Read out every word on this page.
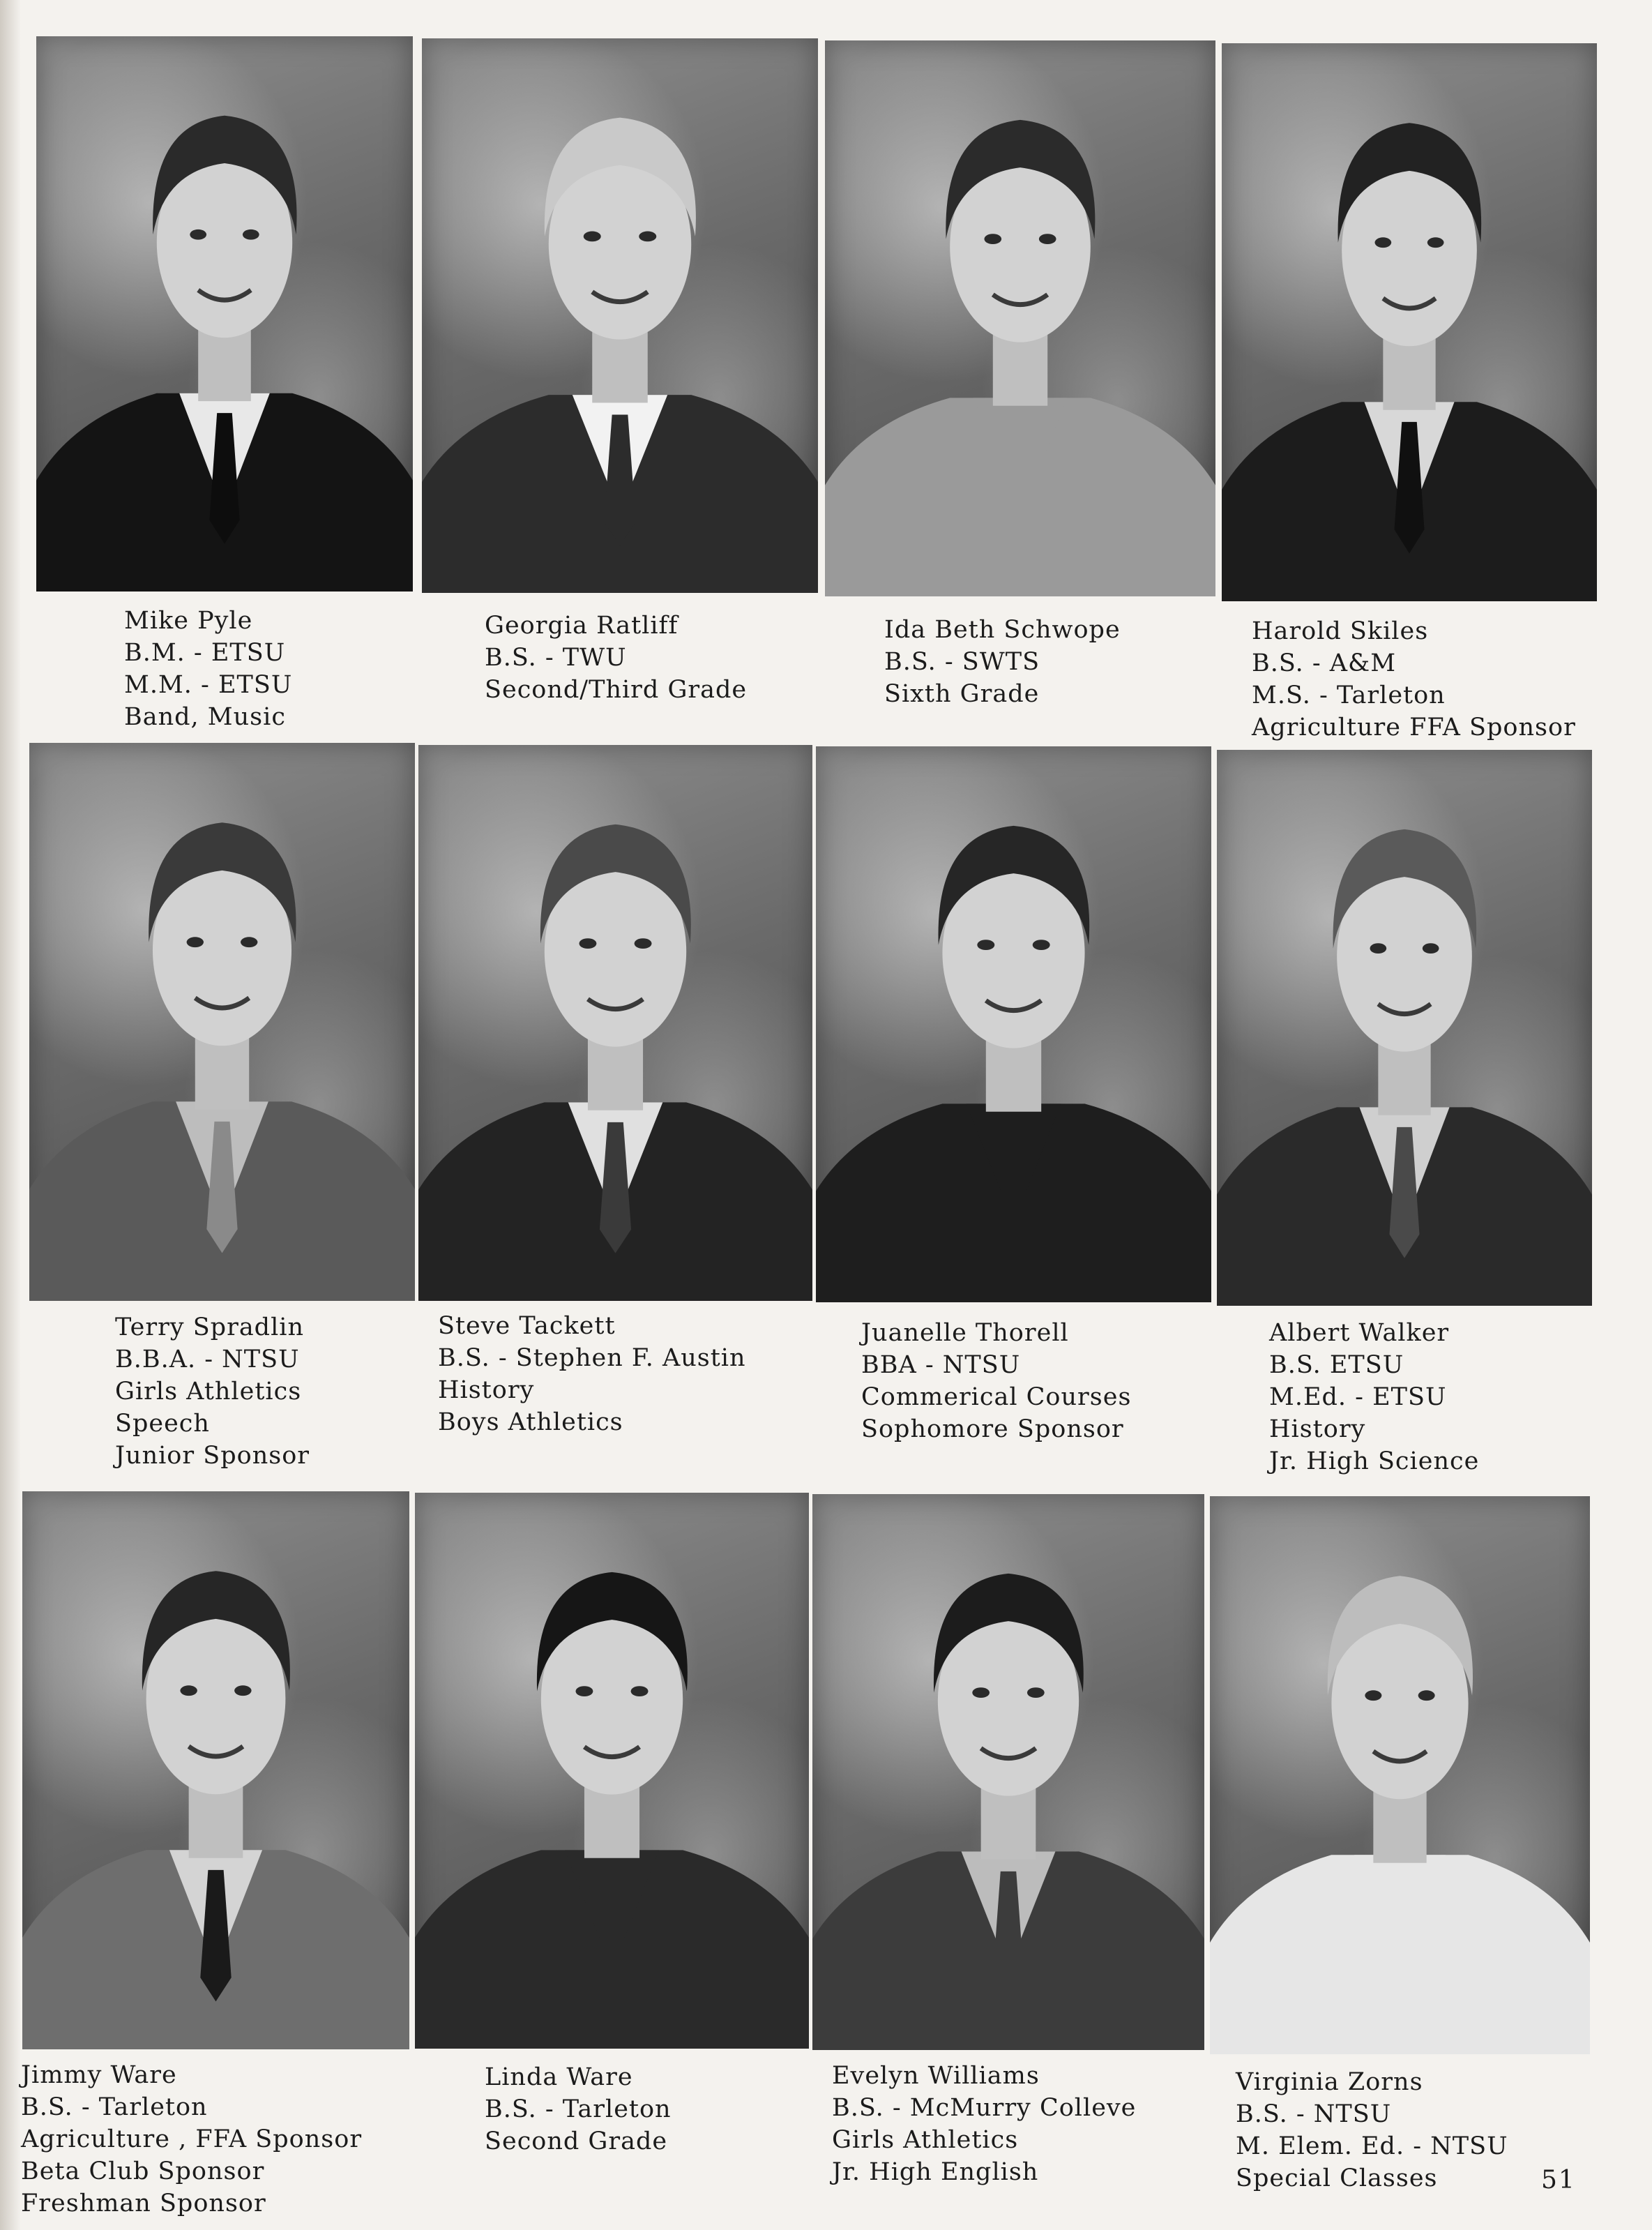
Mike Pyle
B.M. - ETSU
M.M. - ETSU
Band, Music
Georgia Ratliff
B.S. - TWU
Second/Third Grade
Ida Beth Schwope
B.S. - SWTS
Sixth Grade
Harold Skiles
B.S. - A&M
M.S. - Tarleton
Agriculture FFA Sponsor
Terry Spradlin
B.B.A. - NTSU
Girls Athletics
Speech
Junior Sponsor
Steve Tackett
B.S. - Stephen F. Austin
History
Boys Athletics
Juanelle Thorell
BBA - NTSU
Commerical Courses
Sophomore Sponsor
Albert Walker
B.S. ETSU
M.Ed. - ETSU
History
Jr. High Science
Jimmy Ware
B.S. - Tarleton
Agriculture , FFA Sponsor
Beta Club Sponsor
Freshman Sponsor
Linda Ware
B.S. - Tarleton
Second Grade
Evelyn Williams
B.S. - McMurry Colleve
Girls Athletics
Jr. High English
Virginia Zorns
B.S. - NTSU
M. Elem. Ed. - NTSU
Special Classes	51
